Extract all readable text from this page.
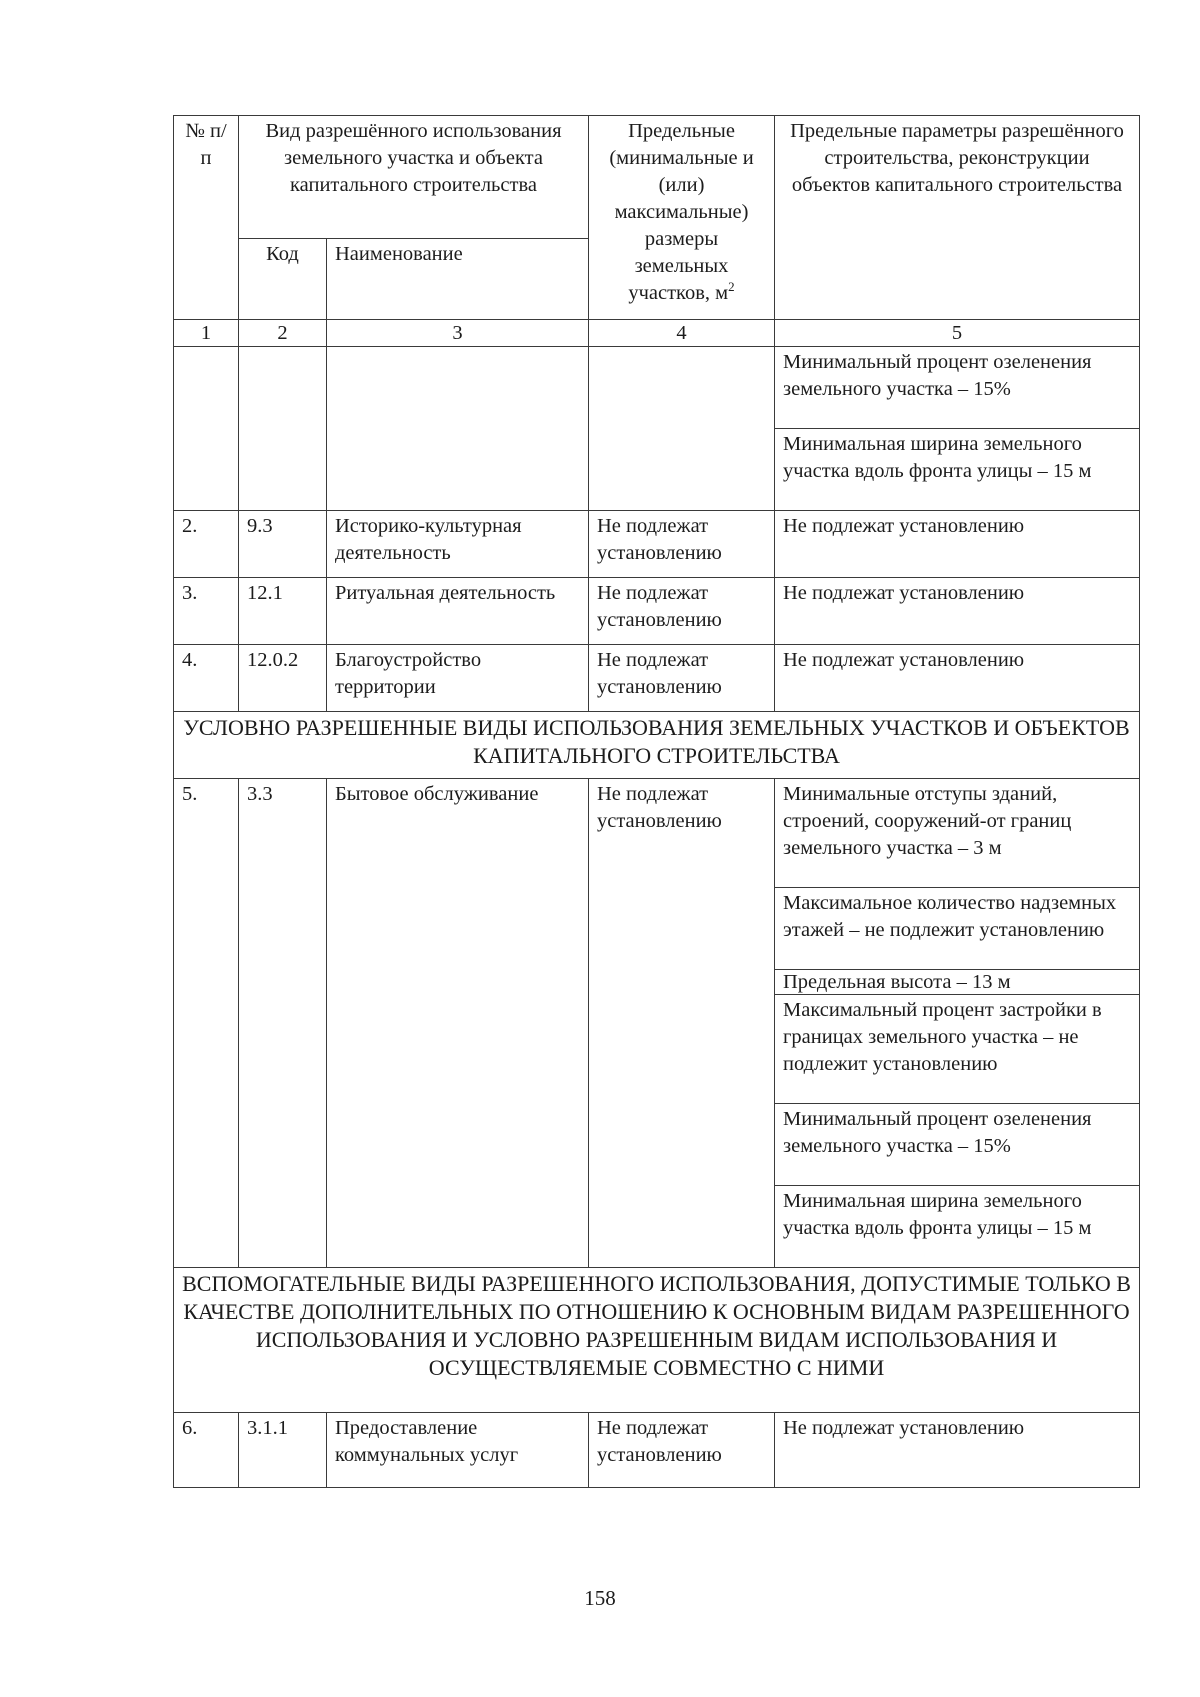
№ п/п	Вид разрешённого использования земельного участка и объекта капитального строительства		Предельные (минимальные и (или) максимальные) размеры земельных участков, $м^2$	Предельные параметры разрешённого строительства, реконструкции объектов капитального строительства
	Код	Наименование		
1	2	3	4	5
				Минимальный процент озеленения земельного участка – 15%
				Минимальная ширина земельного участка вдоль фронта улицы – 15 м
2.	9.3	Историко-культурная деятельность	Не подлежат установлению	Не подлежат установлению
3.	12.1	Ритуальная деятельность	Не подлежат установлению	Не подлежат установлению
4.	12.0.2	Благоустройство территории	Не подлежат установлению	Не подлежат установлению
УСЛОВНО РАЗРЕШЕННЫЕ ВИДЫ ИСПОЛЬЗОВАНИЯ ЗЕМЕЛЬНЫХ УЧАСТКОВ И ОБЪЕКТОВ КАПИТАЛЬНОГО СТРОИТЕЛЬСТВА				
5.	3.3	Бытовое обслуживание	Не подлежат установлению	Минимальные отступы зданий, строений, сооружений-от границ земельного участка – 3 м
				Максимальное количество надземных этажей – не подлежит установлению
				Предельная высота – 13 м
				Максимальный процент застройки в границах земельного участка – не подлежит установлению
				Минимальный процент озеленения земельного участка – 15%
				Минимальная ширина земельного участка вдоль фронта улицы – 15 м
ВСПОМОГАТЕЛЬНЫЕ ВИДЫ РАЗРЕШЕННОГО ИСПОЛЬЗОВАНИЯ, ДОПУСТИМЫЕ ТОЛЬКО В КАЧЕСТВЕ ДОПОЛНИТЕЛЬНЫХ ПО ОТНОШЕНИЮ К ОСНОВНЫМ ВИДАМ РАЗРЕШЕННОГО ИСПОЛЬЗОВАНИЯ И УСЛОВНО РАЗРЕШЕННЫМ ВИДАМ ИСПОЛЬЗОВАНИЯ И ОСУЩЕСТВЛЯЕМЫЕ СОВМЕСТНО С НИМИ				
6.	3.1.1	Предоставление коммунальных услуг	Не подлежат установлению	Не подлежат установлению
158
